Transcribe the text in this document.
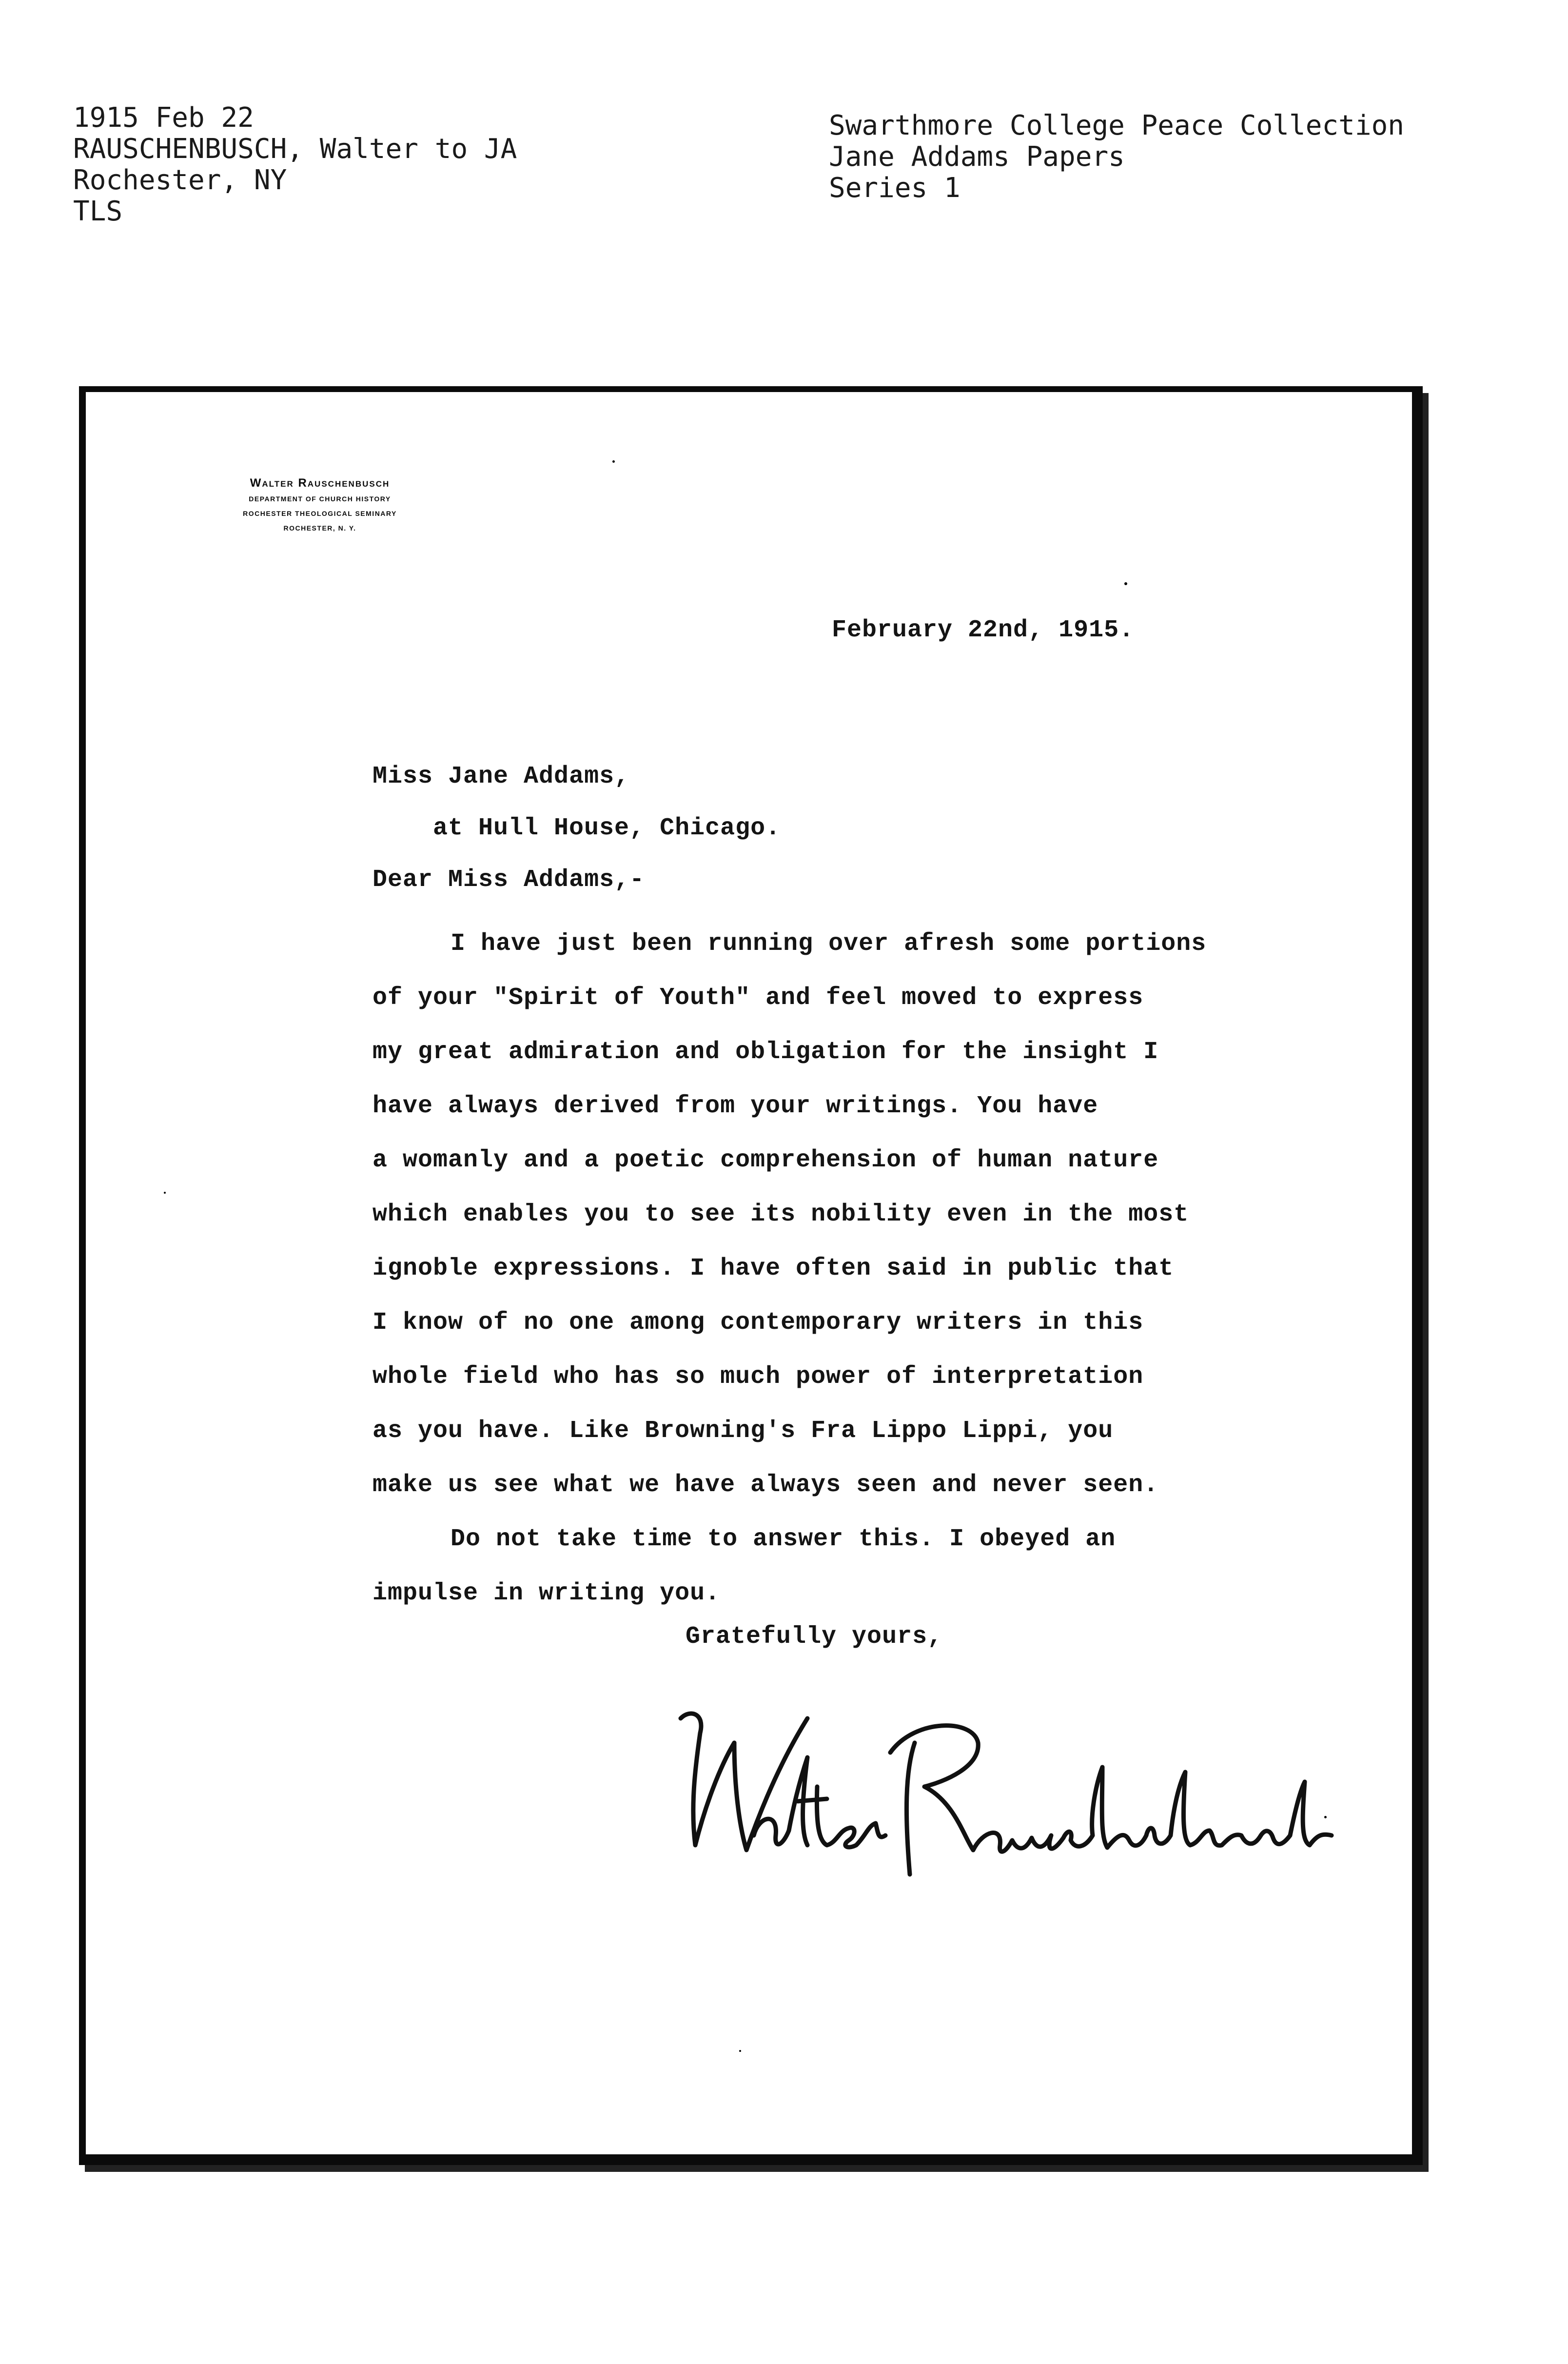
1915 Feb 22
RAUSCHENBUSCH, Walter to JA
Rochester, NY
TLS
Swarthmore College Peace Collection
Jane Addams Papers
Series 1
Walter Rauschenbusch
DEPARTMENT OF CHURCH HISTORY
ROCHESTER THEOLOGICAL SEMINARY
ROCHESTER, N. Y.
February 22nd, 1915.
Miss Jane Addams,
at Hull House, Chicago.
Dear Miss Addams,-
I have just been running over afresh some portions
of your "Spirit of Youth" and feel moved to express
my great admiration and obligation for the insight I
have always derived from your writings. You have
a womanly and a poetic comprehension of human nature
which enables you to see its nobility even in the most
ignoble expressions. I have often said in public that
I know of no one among contemporary writers in this
whole field who has so much power of interpretation
as you have. Like Browning's Fra Lippo Lippi, you
make us see what we have always seen and never seen.
Do not take time to answer this. I obeyed an
impulse in writing you.
Gratefully yours,
